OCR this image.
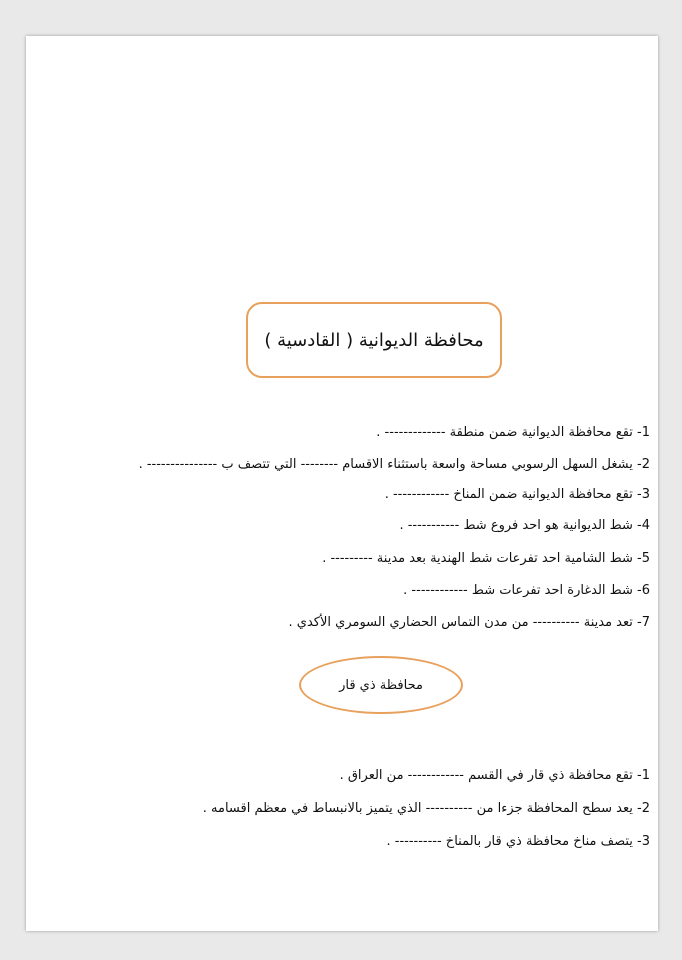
محافظة الديوانية ( القادسية )
1- تقع محافظة الديوانية ضمن منطقة ------------- .
2- يشغل السهل الرسوبي مساحة واسعة باستثناء الاقسام -------- التي تتصف ب --------------- .
3- تقع محافظة الديوانية ضمن المناخ ------------ .
4- شط الديوانية هو احد فروع شط ----------- .
5- شط الشامية احد تفرعات شط الهندية بعد مدينة --------- .
6- شط الدغارة احد تفرعات شط ------------ .
7- تعد مدينة ---------- من مدن التماس الحضاري السومري الأكدي .
محافظة ذي قار
1- تقع محافظة ذي قار في القسم ------------ من العراق .
2- يعد سطح المحافظة جزءا من ---------- الذي يتميز بالانبساط في معظم اقسامه .
3- يتصف مناخ محافظة ذي قار بالمناخ ---------- .
